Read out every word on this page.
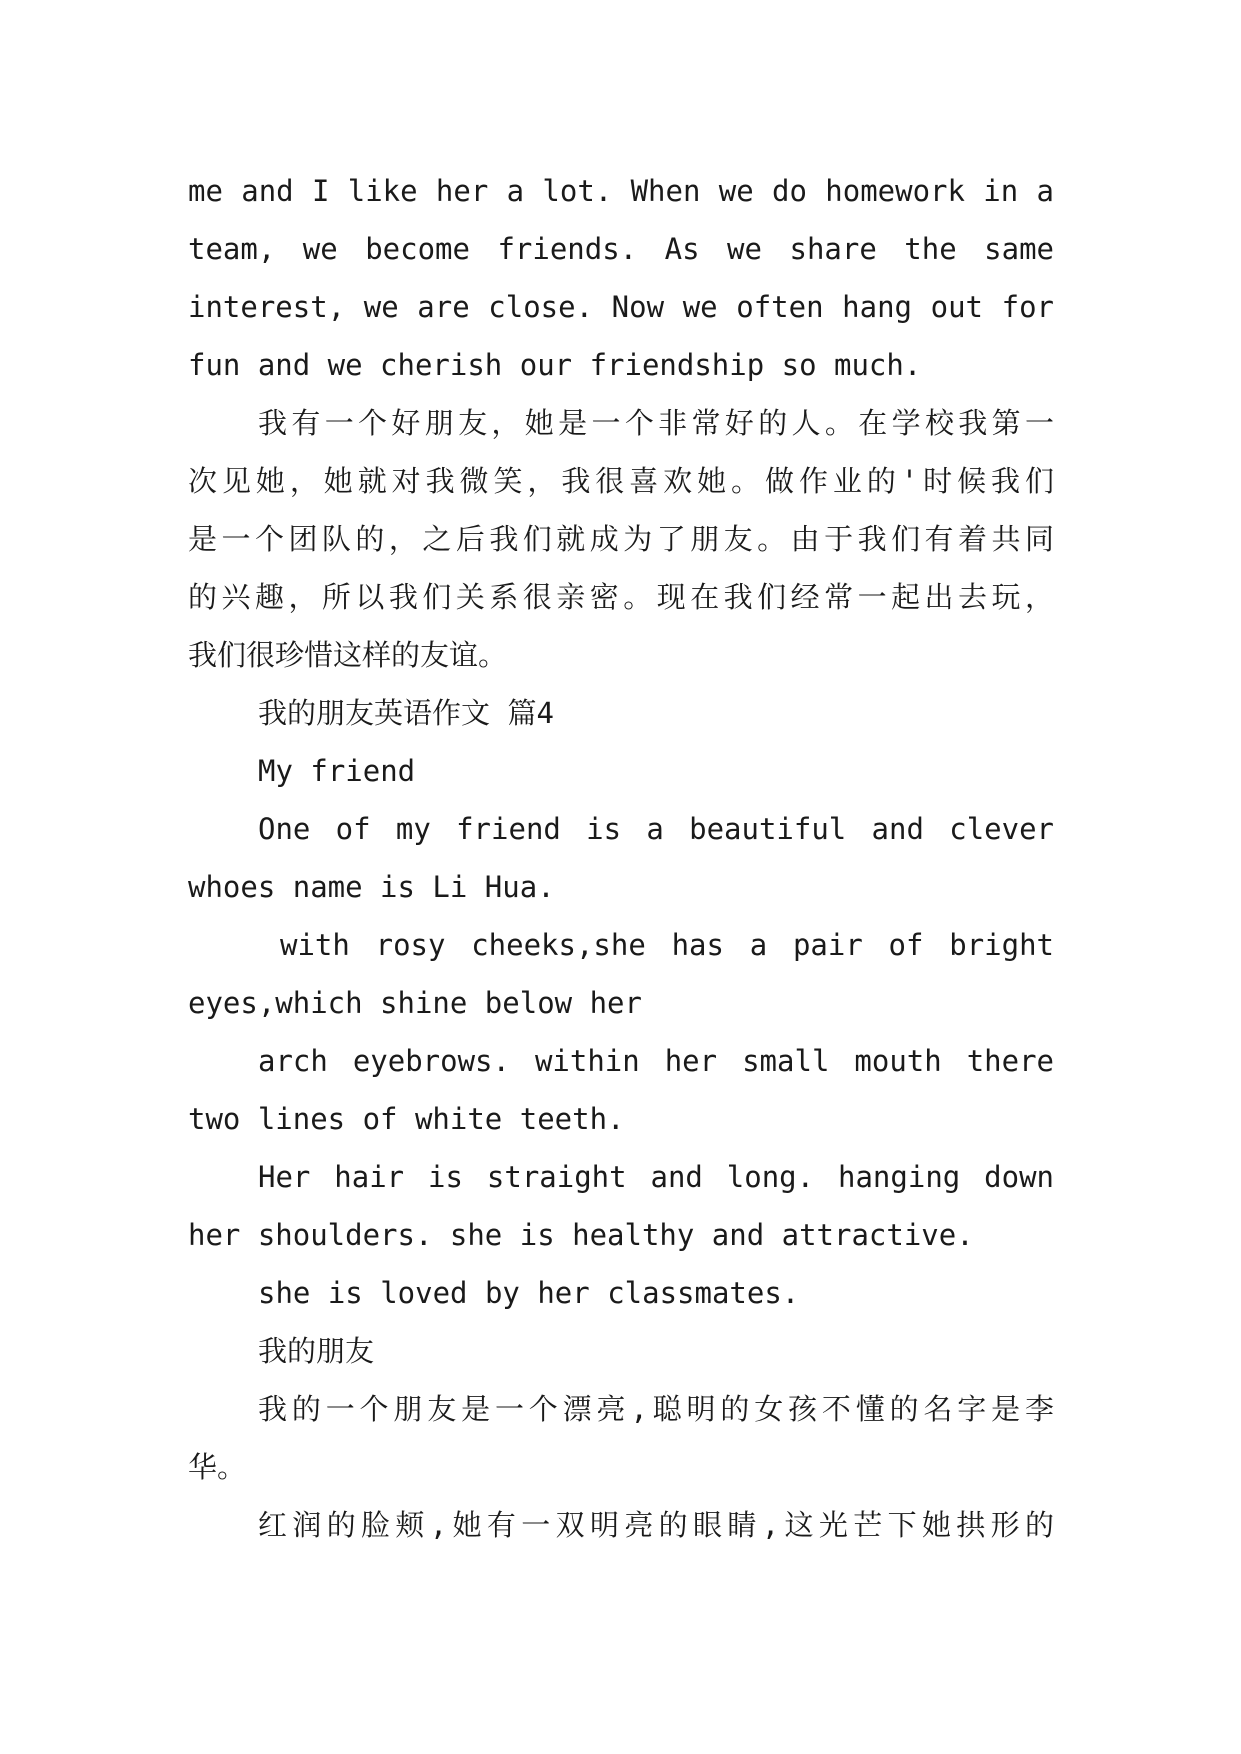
me and I like her a lot. When we do homework in a
team, we become friends. As we share the same
interest, we are close. Now we often hang out for
fun and we cherish our friendship so much.
我有一个好朋友，她是一个非常好的人。在学校我第一
次见她，她就对我微笑，我很喜欢她。做作业的'时候我们
是一个团队的，之后我们就成为了朋友。由于我们有着共同
的兴趣，所以我们关系很亲密。现在我们经常一起出去玩，
我们很珍惜这样的友谊。
我的朋友英语作文 篇4
My friend
One of my friend is a beautiful and clever
whoes name is Li Hua.
with rosy cheeks,she has a pair of bright
eyes,which shine below her
arch eyebrows. within her small mouth there
two lines of white teeth.
Her hair is straight and long. hanging down
her shoulders. she is healthy and attractive.
she is loved by her classmates.
我的朋友
我的一个朋友是一个漂亮,聪明的女孩不懂的名字是李
华。
红润的脸颊,她有一双明亮的眼睛,这光芒下她拱形的
